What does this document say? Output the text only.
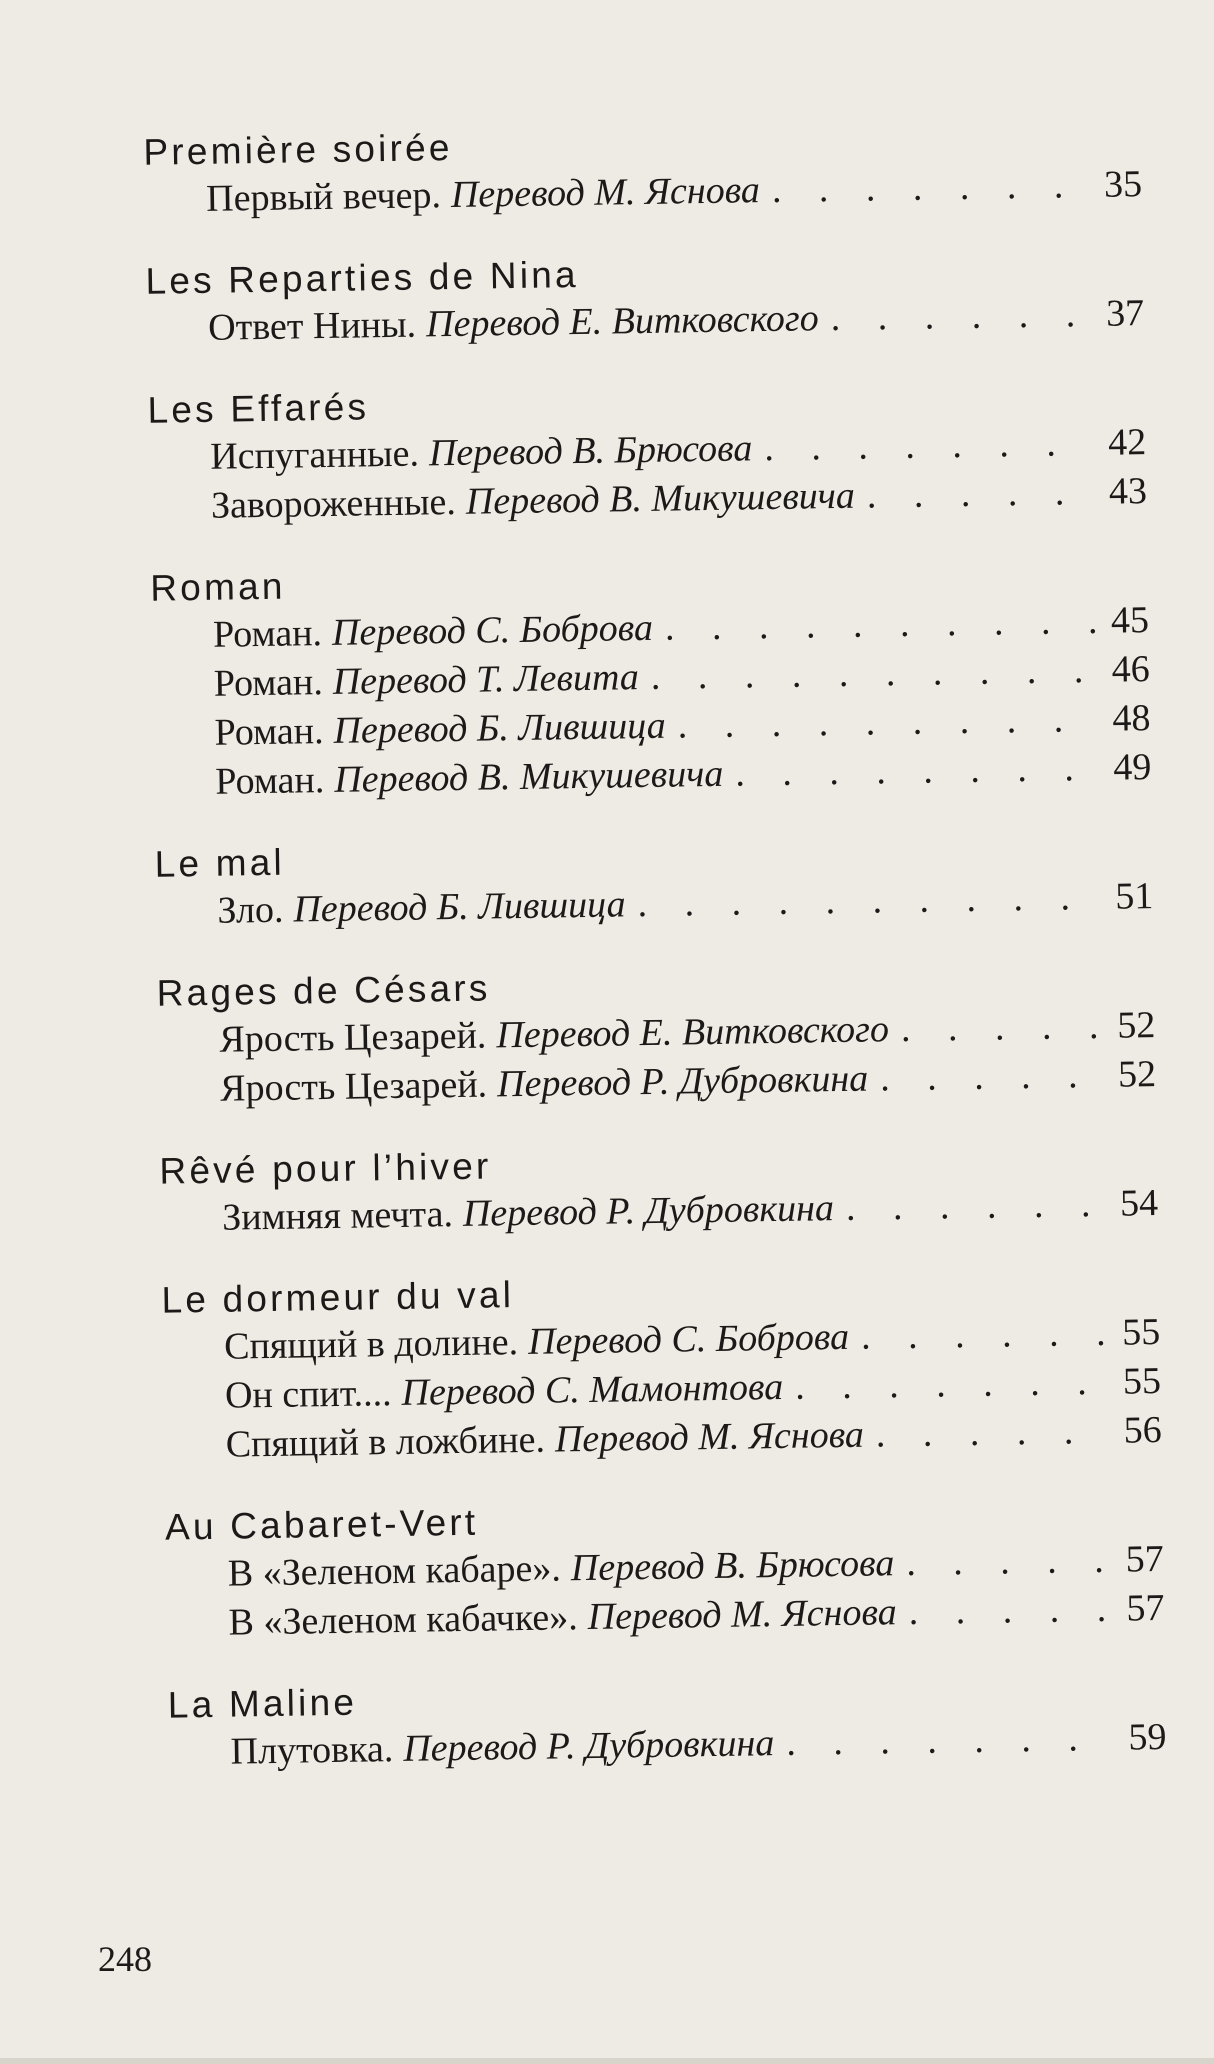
Première soirée
Первый вечер. Перевод М. Яснова . . .	35
Les Reparties de Nina
Ответ Нины. Перевод Е. Витковского . . .	37
Les Effarés
Испуганные. Перевод В. Брюсова . . .	42
Завороженные. Перевод В. Микушевича . . .	43
Roman
Роман. Перевод С. Боброва . . .	45
Роман. Перевод Т. Левита . . .	46
Роман. Перевод Б. Лившица . . .	48
Роман. Перевод В. Микушевича . . .	49
Le mal
Зло. Перевод Б. Лившица . . .	51
Rages de Césars
Ярость Цезарей. Перевод Е. Витковского . . .	52
Ярость Цезарей. Перевод Р. Дубровкина . . .	52
Rêvé pour l’hiver
Зимняя мечта. Перевод Р. Дубровкина . . .	54
Le dormeur du val
Спящий в долине. Перевод С. Боброва . . .	55
Он спит.... Перевод С. Мамонтова . . .	55
Спящий в ложбине. Перевод М. Яснова . . .	56
Au Cabaret-Vert
В «Зеленом кабаре». Перевод В. Брюсова . . .	57
В «Зеленом кабачке». Перевод М. Яснова . . .	57
La Maline
Плутовка. Перевод Р. Дубровкина . . .	59
248
